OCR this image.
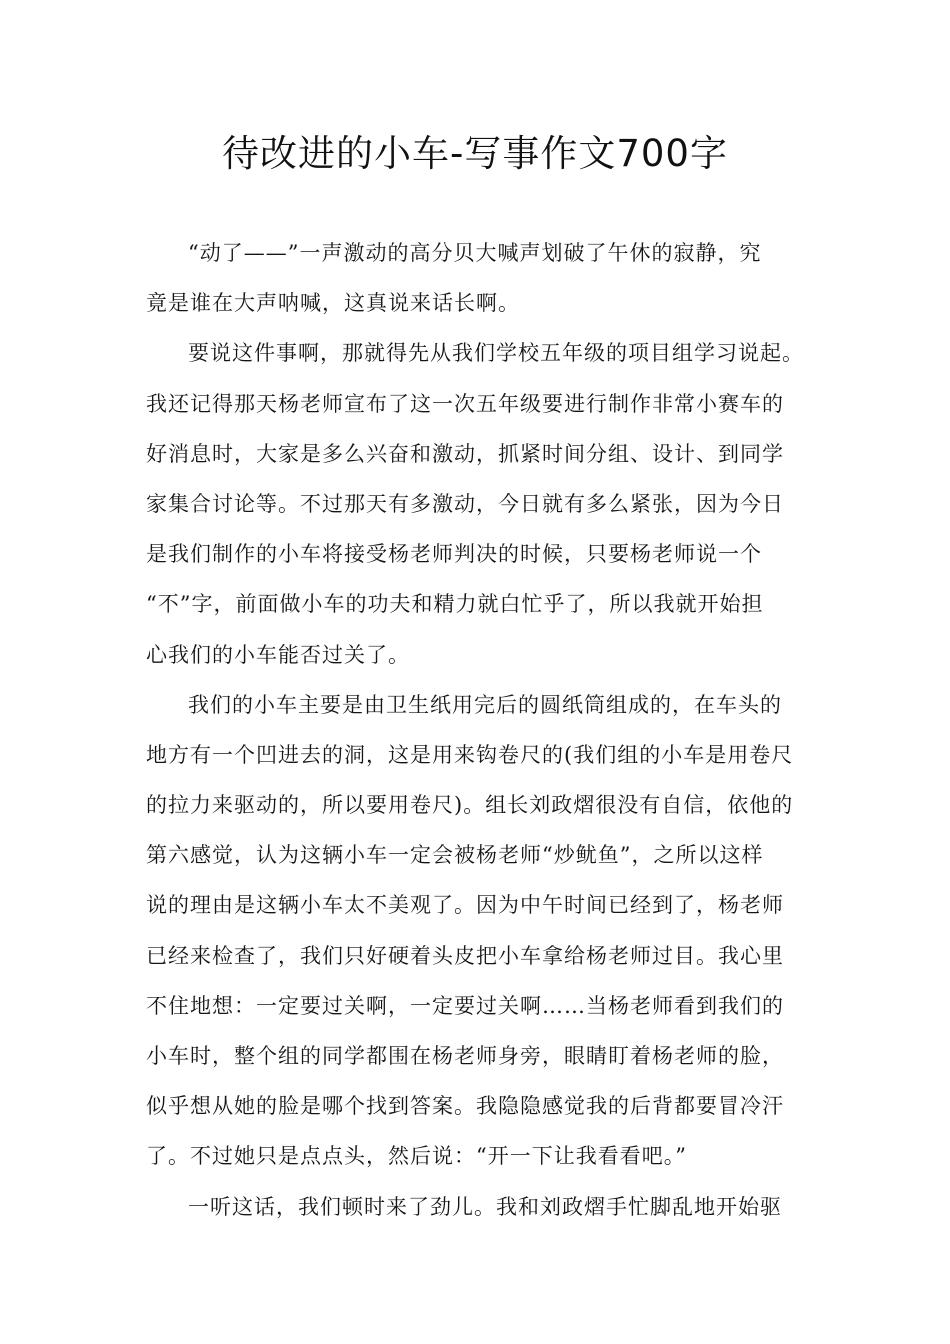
待改进的小车-写事作文700字
“动了——”一声激动的高分贝大喊声划破了午休的寂静，究
竟是谁在大声呐喊，这真说来话长啊。
要说这件事啊，那就得先从我们学校五年级的项目组学习说起。
我还记得那天杨老师宣布了这一次五年级要进行制作非常小赛车的
好消息时，大家是多么兴奋和激动，抓紧时间分组、设计、到同学
家集合讨论等。不过那天有多激动，今日就有多么紧张，因为今日
是我们制作的小车将接受杨老师判决的时候，只要杨老师说一个
“不”字，前面做小车的功夫和精力就白忙乎了，所以我就开始担
心我们的小车能否过关了。
我们的小车主要是由卫生纸用完后的圆纸筒组成的，在车头的
地方有一个凹进去的洞，这是用来钩卷尺的(我们组的小车是用卷尺
的拉力来驱动的，所以要用卷尺)。组长刘政熠很没有自信，依他的
第六感觉，认为这辆小车一定会被杨老师“炒鱿鱼”，之所以这样
说的理由是这辆小车太不美观了。因为中午时间已经到了，杨老师
已经来检查了，我们只好硬着头皮把小车拿给杨老师过目。我心里
不住地想：一定要过关啊，一定要过关啊……当杨老师看到我们的
小车时，整个组的同学都围在杨老师身旁，眼睛盯着杨老师的脸，
似乎想从她的脸是哪个找到答案。我隐隐感觉我的后背都要冒冷汗
了。不过她只是点点头，然后说：“开一下让我看看吧。”
一听这话，我们顿时来了劲儿。我和刘政熠手忙脚乱地开始驱
